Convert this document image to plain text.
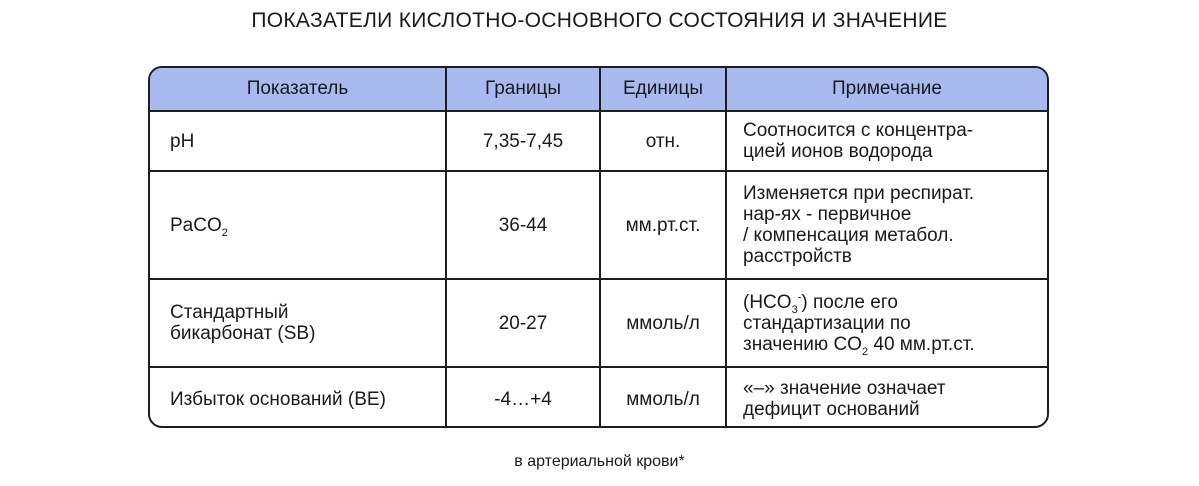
ПОКАЗАТЕЛИ КИСЛОТНО-ОСНОВНОГО СОСТОЯНИЯ И ЗНАЧЕНИЕ
Показатель	Границы	Единицы	Примечание
pH	7,35-7,45	отн.	Соотносится с концентра-
цией ионов водорода
PaCO$_2$	36-44	мм.рт.ст.	Изменяется при респират.
нар-ях - первичное
/ компенсация метабол.
расстройств
Стандартный
бикарбонат (SB)	20-27	ммоль/л	$(HCO_3^-)$ после его
стандартизации по
значению $CO_2$ 40 мм.рт.ст.
Избыток оснований (BE)	-4…+4	ммоль/л	«–» значение означает
дефицит оснований
в артериальной крови*
